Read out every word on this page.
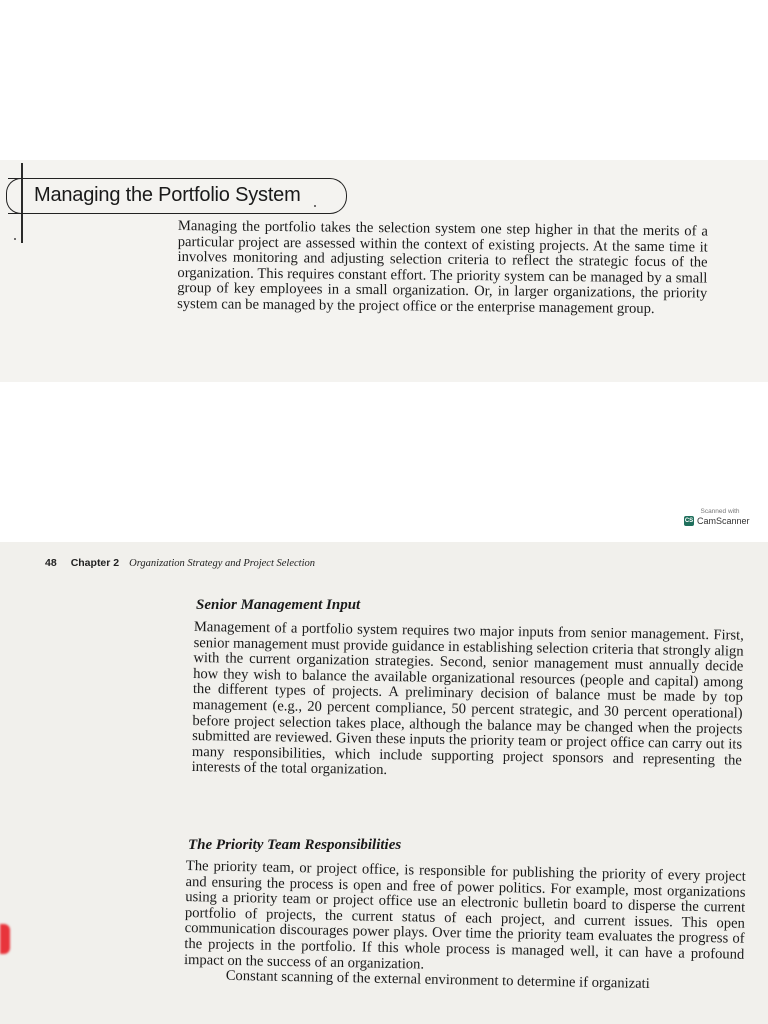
Managing the Portfolio System

Managing the portfolio takes the selection system one step higher in that the merits of a particular project are assessed within the context of existing projects. At the same time it involves monitoring and adjusting selection criteria to reflect the strategic focus of the organization. This requires constant effort. The priority system can be managed by a small group of key employees in a small organization. Or, in larger organizations, the priority system can be managed by the project office or the enterprise management group.

Scanned with
CS CamScanner
48 Chapter 2 Organization Strategy and Project Selection
Senior Management Input

Management of a portfolio system requires two major inputs from senior management. First, senior management must provide guidance in establishing selection criteria that strongly align with the current organization strategies. Second, senior management must annually decide how they wish to balance the available organizational resources (people and capital) among the different types of projects. A preliminary decision of balance must be made by top management (e.g., 20 percent compliance, 50 percent strategic, and 30 percent operational) before project selection takes place, although the balance may be changed when the projects submitted are reviewed. Given these inputs the priority team or project office can carry out its many responsibilities, which include supporting project sponsors and representing the interests of the total organization.

The Priority Team Responsibilities

The priority team, or project office, is responsible for publishing the priority of every project and ensuring the process is open and free of power politics. For example, most organizations using a priority team or project office use an electronic bulletin board to disperse the current portfolio of projects, the current status of each project, and current issues. This open communication discourages power plays. Over time the priority team evaluates the progress of the projects in the portfolio. If this whole process is managed well, it can have a profound impact on the success of an organization.

Constant scanning of the external environment to determine if organizati
